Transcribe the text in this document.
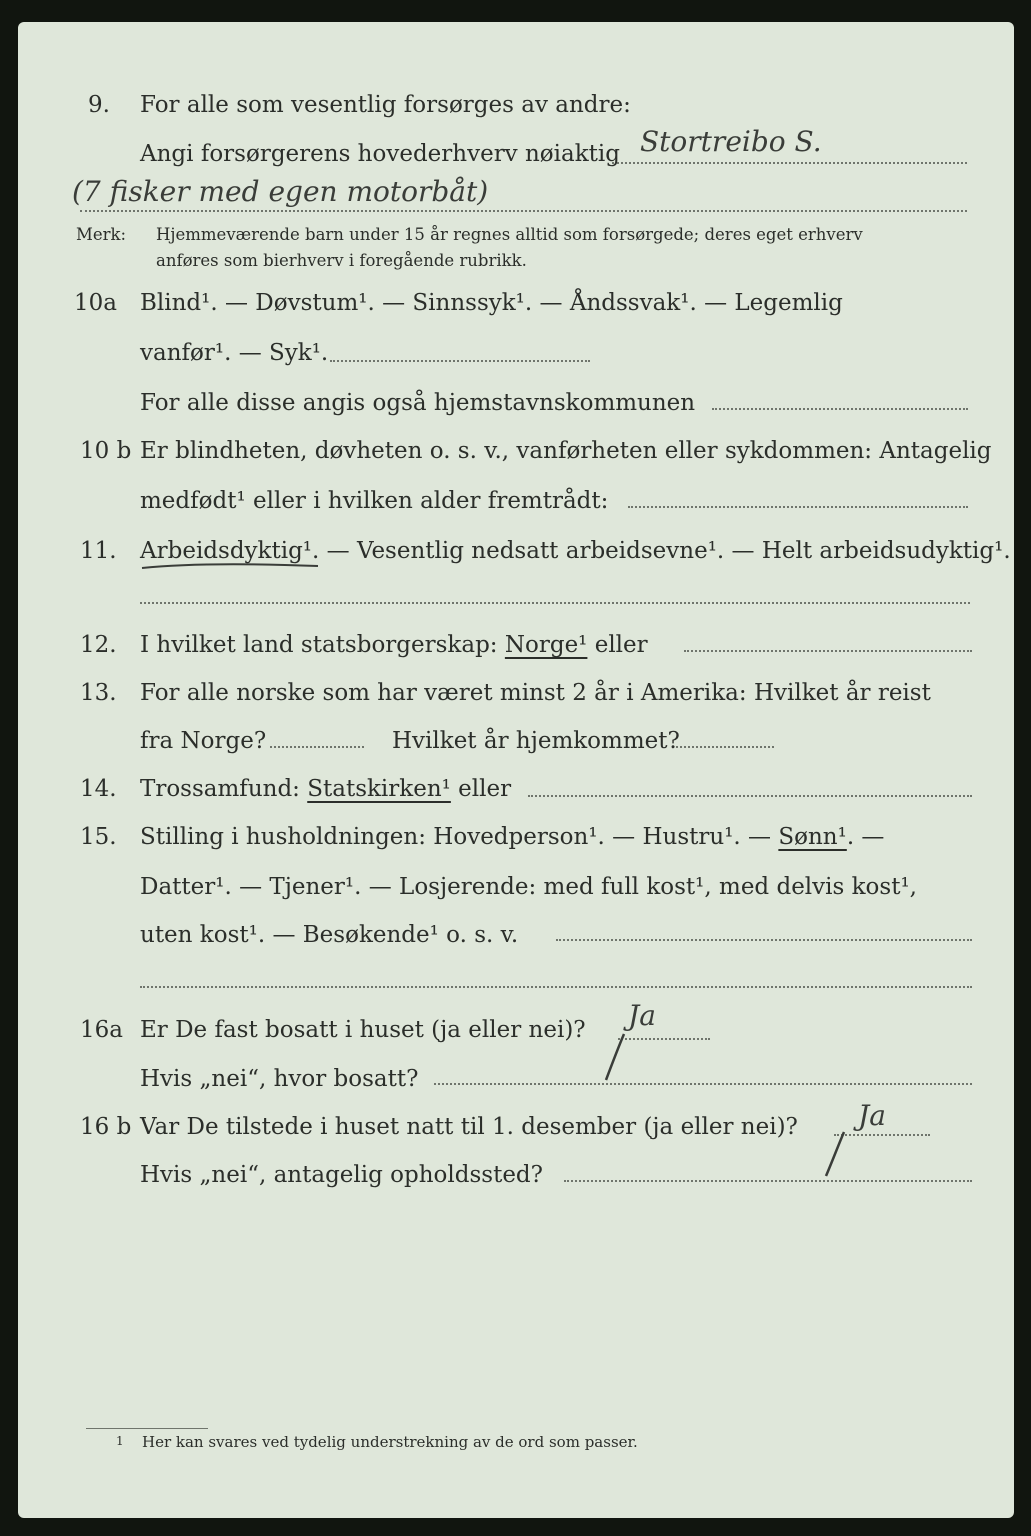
9. For alle som vesentlig forsørges av andre:
Angi forsørgerens hovederhverv nøiaktig Stortreibo S.
(7 fisker med egen motorbåt)
Merk: Hjemmeværende barn under 15 år regnes alltid som forsørgede; deres eget erhverv
anføres som bierhverv i foregående rubrikk.
10a Blind¹. — Døvstum¹. — Sinnssyk¹. — Åndssvak¹. — Legemlig
vanfør¹. — Syk¹.
For alle disse angis også hjemstavnskommunen
10 b Er blindheten, døvheten o. s. v., vanførheten eller sykdommen: Antagelig
medfødt¹ eller i hvilken alder fremtrådt:
11. Arbeidsdyktig¹. — Vesentlig nedsatt arbeidsevne¹. — Helt arbeidsudyktig¹.
12. I hvilket land statsborgerskap: Norge¹ eller
13. For alle norske som har været minst 2 år i Amerika: Hvilket år reist
fra Norge?	Hvilket år hjemkommet?
14. Trossamfund: Statskirken¹ eller
15. Stilling i husholdningen: Hovedperson¹. — Hustru¹. — Sønn¹. —
Datter¹. — Tjener¹. — Losjerende: med full kost¹, med delvis kost¹,
uten kost¹. — Besøkende¹ o. s. v.
16a Er De fast bosatt i huset (ja eller nei)? Ja
Hvis „nei“, hvor bosatt?
16 b Var De tilstede i huset natt til 1. desember (ja eller nei)? Ja
Hvis „nei“, antagelig opholdssted?
1 Her kan svares ved tydelig understrekning av de ord som passer.
